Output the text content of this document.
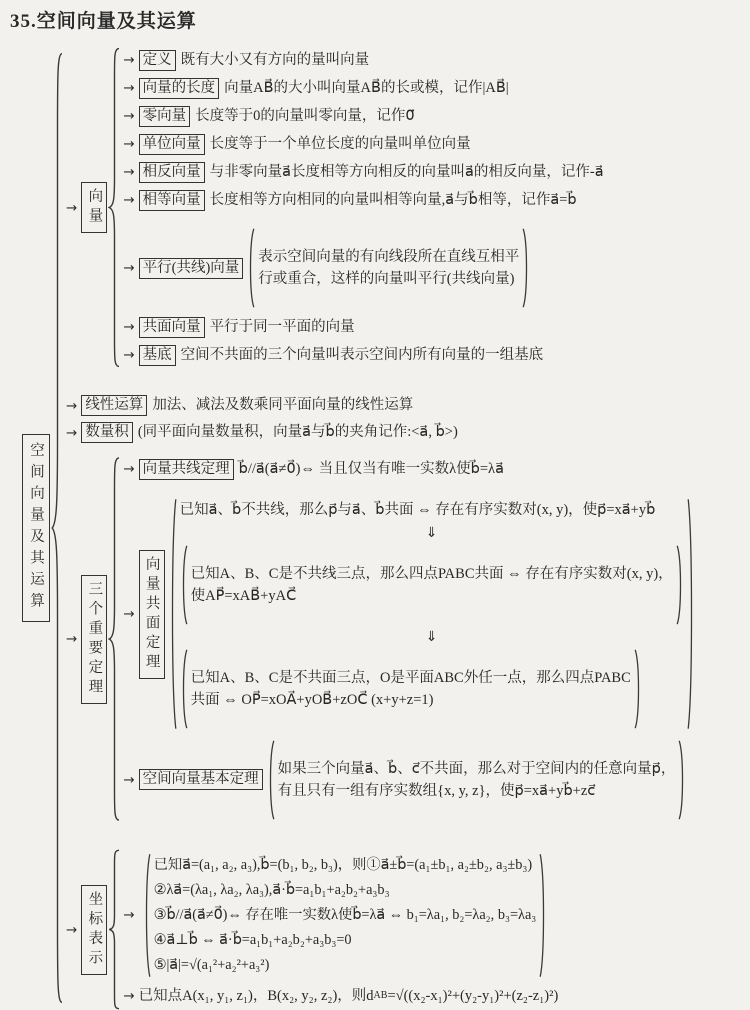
35.空间向量及其运算
空间向量及其运算
→ 向量
→ 定义 既有大小又有方向的量叫向量
→ 向量的长度 向量AB⃗的大小叫向量AB⃗的长或模，记作|AB⃗|
→ 零向量 长度等于0的向量叫零向量，记作0⃗
→ 单位向量 长度等于一个单位长度的向量叫单位向量
→ 相反向量 与非零向量a⃗长度相等方向相反的向量叫a⃗的相反向量，记作-a⃗
→ 相等向量 长度相等方向相同的向量叫相等向量,a⃗与b⃗相等，记作a⃗=b⃗
→ 平行(共线)向量
表示空间向量的有向线段所在直线互相平
行或重合，这样的向量叫平行(共线向量)
→ 共面向量 平行于同一平面的向量
→ 基底 空间不共面的三个向量叫表示空间内所有向量的一组基底
→ 线性运算 加法、减法及数乘同平面向量的线性运算
→ 数量积 (同平面向量数量积，向量a⃗与b⃗的夹角记作:<a⃗, b⃗>)
→ 三个重要定理
→ 向量共线定理 b⃗//a⃗(a⃗≠0⃗)⇔ 当且仅当有唯一实数λ使b⃗=λa⃗
→ 向量共面定理
已知a⃗、b⃗不共线，那么p⃗与a⃗、b⃗共面 ⇔ 存在有序实数对(x, y)，使p⃗=xa⃗+yb⃗
⇓
已知A、B、C是不共线三点，那么四点PABC共面 ⇔ 存在有序实数对(x, y)，
使AP⃗=xAB⃗+yAC⃗
⇓
已知A、B、C是不共面三点，O是平面ABC外任一点，那么四点PABC
共面 ⇔ OP⃗=xOA⃗+yOB⃗+zOC⃗ (x+y+z=1)
→ 空间向量基本定理
如果三个向量a⃗、b⃗、c⃗不共面，那么对于空间内的任意向量p⃗，
有且只有一组有序实数组{x, y, z}，使p⃗=xa⃗+yb⃗+zc⃗
→ 坐标表示	→
已知a⃗=(a₁, a₂, a₃),b⃗=(b₁, b₂, b₃)，则①a⃗±b⃗=(a₁±b₁, a₂±b₂, a₃±b₃)
②λa⃗=(λa₁, λa₂, λa₃),a⃗·b⃗=a₁b₁+a₂b₂+a₃b₃
③b⃗//a⃗(a⃗≠0⃗)⇔ 存在唯一实数λ使b⃗=λa⃗ ⇔ b₁=λa₁, b₂=λa₂, b₃=λa₃
④a⃗⊥b⃗ ⇔ a⃗·b⃗=a₁b₁+a₂b₂+a₃b₃=0
⑤|a⃗|=√(a₁²+a₂²+a₃²)
→ 已知点A(x₁, y₁, z₁)，B(x₂, y₂, z₂)，则d AB =√((x₂-x₁)²+(y₂-y₁)²+(z₂-z₁)²)
